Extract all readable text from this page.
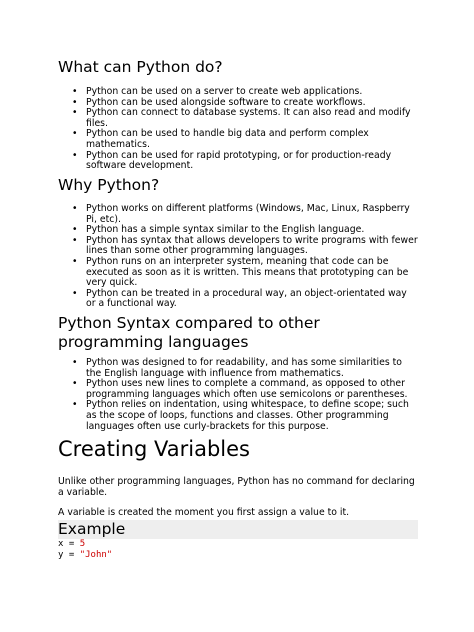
What can Python do?
• Python can be used on a server to create web applications.
• Python can be used alongside software to create workflows.
• Python can connect to database systems. It can also read and modify files.
• Python can be used to handle big data and perform complex mathematics.
• Python can be used for rapid prototyping, or for production-ready software development.
Why Python?
• Python works on different platforms (Windows, Mac, Linux, Raspberry Pi, etc).
• Python has a simple syntax similar to the English language.
• Python has syntax that allows developers to write programs with fewer lines than some other programming languages.
• Python runs on an interpreter system, meaning that code can be executed as soon as it is written. This means that prototyping can be very quick.
• Python can be treated in a procedural way, an object-orientated way or a functional way.
Python Syntax compared to other programming languages
• Python was designed to for readability, and has some similarities to the English language with influence from mathematics.
• Python uses new lines to complete a command, as opposed to other programming languages which often use semicolons or parentheses.
• Python relies on indentation, using whitespace, to define scope; such as the scope of loops, functions and classes. Other programming languages often use curly-brackets for this purpose.
Creating Variables

Unlike other programming languages, Python has no command for declaring a variable.

A variable is created the moment you first assign a value to it.

Example
x = 5
y = "John"
